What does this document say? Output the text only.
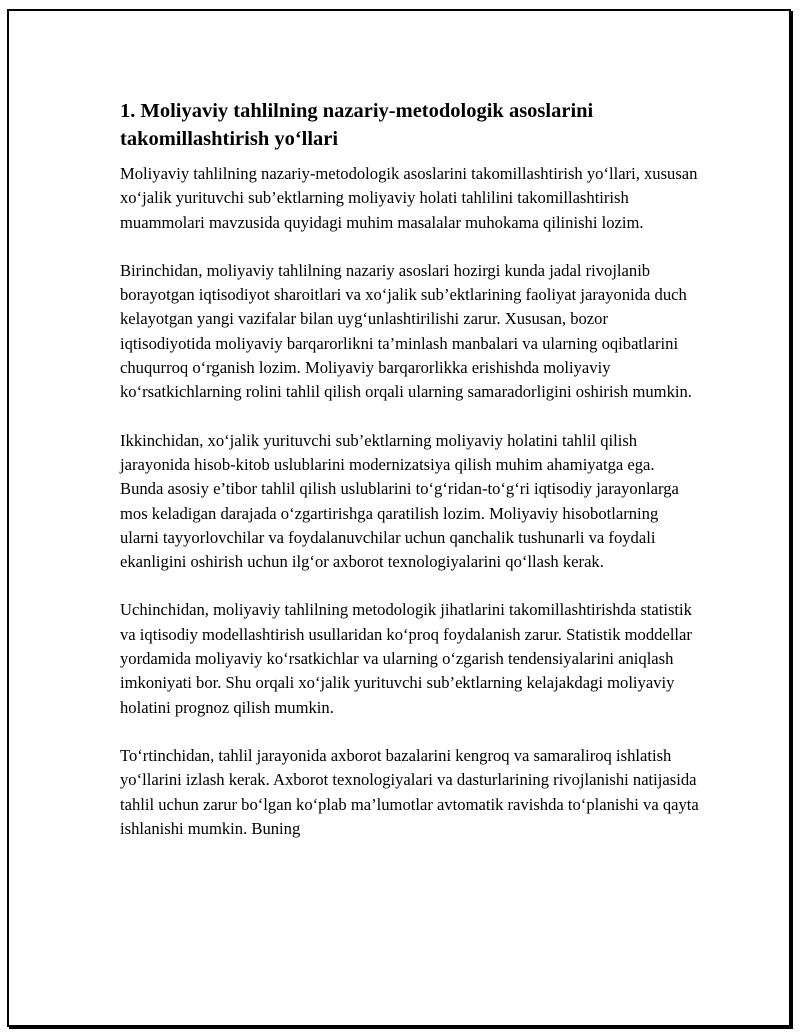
1. Moliyaviy tahlilning nazariy-metodologik asoslarini takomillashtirish yo‘llari

Moliyaviy tahlilning nazariy-metodologik asoslarini takomillashtirish yo‘llari, xususan xo‘jalik yurituvchi sub’ektlarning moliyaviy holati tahlilini takomillashtirish muammolari mavzusida quyidagi muhim masalalar muhokama qilinishi lozim.

Birinchidan, moliyaviy tahlilning nazariy asoslari hozirgi kunda jadal rivojlanib borayotgan iqtisodiyot sharoitlari va xo‘jalik sub’ektlarining faoliyat jarayonida duch kelayotgan yangi vazifalar bilan uyg‘unlashtirilishi zarur. Xususan, bozor iqtisodiyotida moliyaviy barqarorlikni ta’minlash manbalari va ularning oqibatlarini chuqurroq o‘rganish lozim. Moliyaviy barqarorlikka erishishda moliyaviy ko‘rsatkichlarning rolini tahlil qilish orqali ularning samaradorligini oshirish mumkin.

Ikkinchidan, xo‘jalik yurituvchi sub’ektlarning moliyaviy holatini tahlil qilish jarayonida hisob-kitob uslublarini modernizatsiya qilish muhim ahamiyatga ega. Bunda asosiy e’tibor tahlil qilish uslublarini to‘g‘ridan-to‘g‘ri iqtisodiy jarayonlarga mos keladigan darajada o‘zgartirishga qaratilish lozim. Moliyaviy hisobotlarning ularni tayyorlovchilar va foydalanuvchilar uchun qanchalik tushunarli va foydali ekanligini oshirish uchun ilg‘or axborot texnologiyalarini qo‘llash kerak.

Uchinchidan, moliyaviy tahlilning metodologik jihatlarini takomillashtirishda statistik va iqtisodiy modellashtirish usullaridan ko‘proq foydalanish zarur. Statistik moddellar yordamida moliyaviy ko‘rsatkichlar va ularning o‘zgarish tendensiyalarini aniqlash imkoniyati bor. Shu orqali xo‘jalik yurituvchi sub’ektlarning kelajakdagi moliyaviy holatini prognoz qilish mumkin.

To‘rtinchidan, tahlil jarayonida axborot bazalarini kengroq va samaraliroq ishlatish yo‘llarini izlash kerak. Axborot texnologiyalari va dasturlarining rivojlanishi natijasida tahlil uchun zarur bo‘lgan ko‘plab ma’lumotlar avtomatik ravishda to‘planishi va qayta ishlanishi mumkin. Buning
